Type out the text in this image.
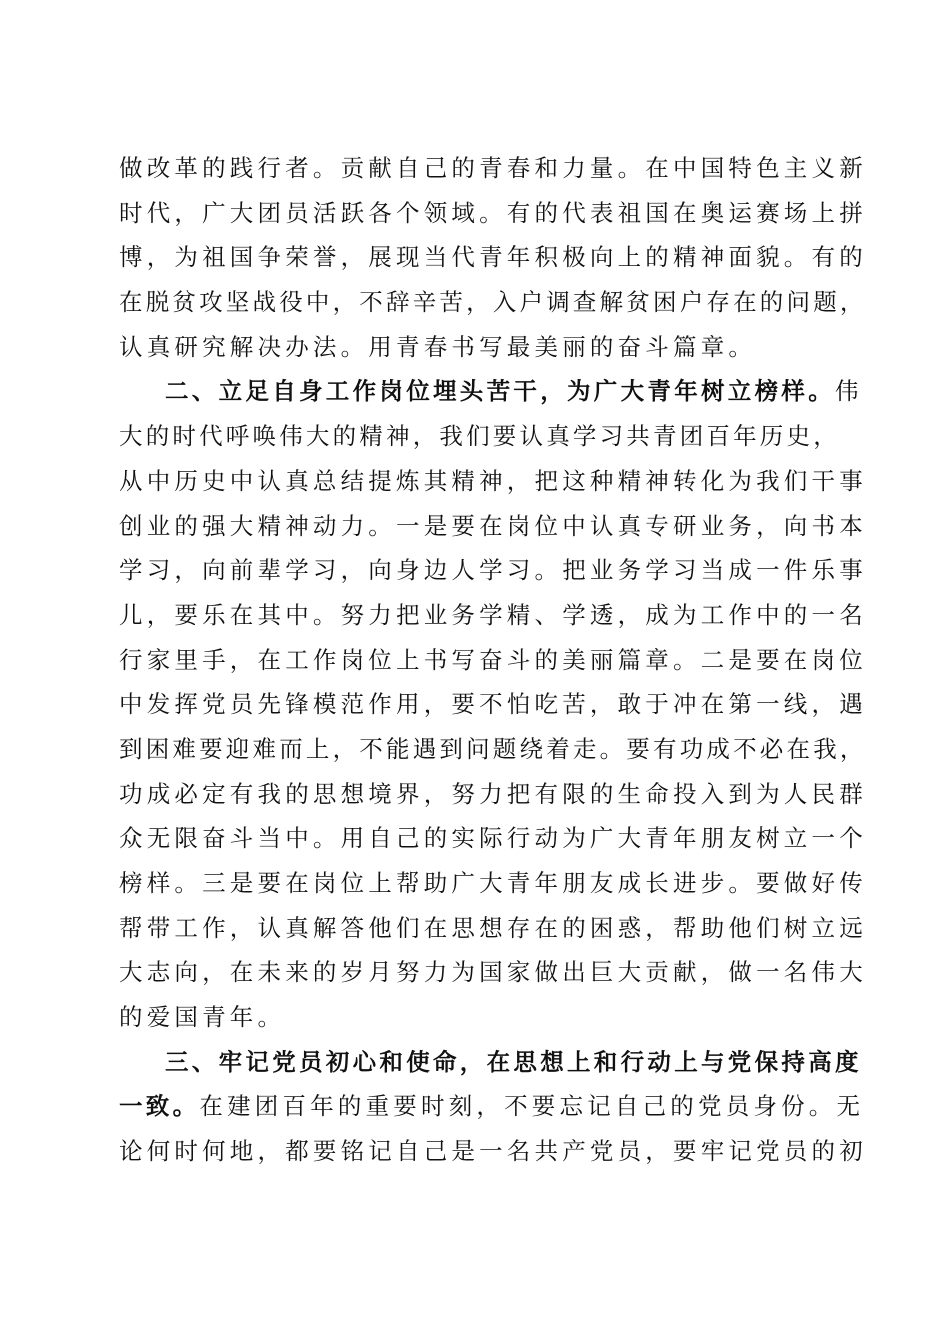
做改革的践行者。贡献自己的青春和力量。在中国特色主义新
时代，广大团员活跃各个领域。有的代表祖国在奥运赛场上拼
博，为祖国争荣誉，展现当代青年积极向上的精神面貌。有的
在脱贫攻坚战役中，不辞辛苦，入户调查解贫困户存在的问题，
认真研究解决办法。用青春书写最美丽的奋斗篇章。
二、立足自身工作岗位埋头苦干，为广大青年树立榜样。伟
大的时代呼唤伟大的精神，我们要认真学习共青团百年历史，
从中历史中认真总结提炼其精神，把这种精神转化为我们干事
创业的强大精神动力。一是要在岗位中认真专研业务，向书本
学习，向前辈学习，向身边人学习。把业务学习当成一件乐事
儿，要乐在其中。努力把业务学精、学透，成为工作中的一名
行家里手，在工作岗位上书写奋斗的美丽篇章。二是要在岗位
中发挥党员先锋模范作用，要不怕吃苦，敢于冲在第一线，遇
到困难要迎难而上，不能遇到问题绕着走。要有功成不必在我，
功成必定有我的思想境界，努力把有限的生命投入到为人民群
众无限奋斗当中。用自己的实际行动为广大青年朋友树立一个
榜样。三是要在岗位上帮助广大青年朋友成长进步。要做好传
帮带工作，认真解答他们在思想存在的困惑，帮助他们树立远
大志向，在未来的岁月努力为国家做出巨大贡献，做一名伟大
的爱国青年。
三、牢记党员初心和使命，在思想上和行动上与党保持高度
一致。在建团百年的重要时刻，不要忘记自己的党员身份。无
论何时何地，都要铭记自己是一名共产党员，要牢记党员的初
